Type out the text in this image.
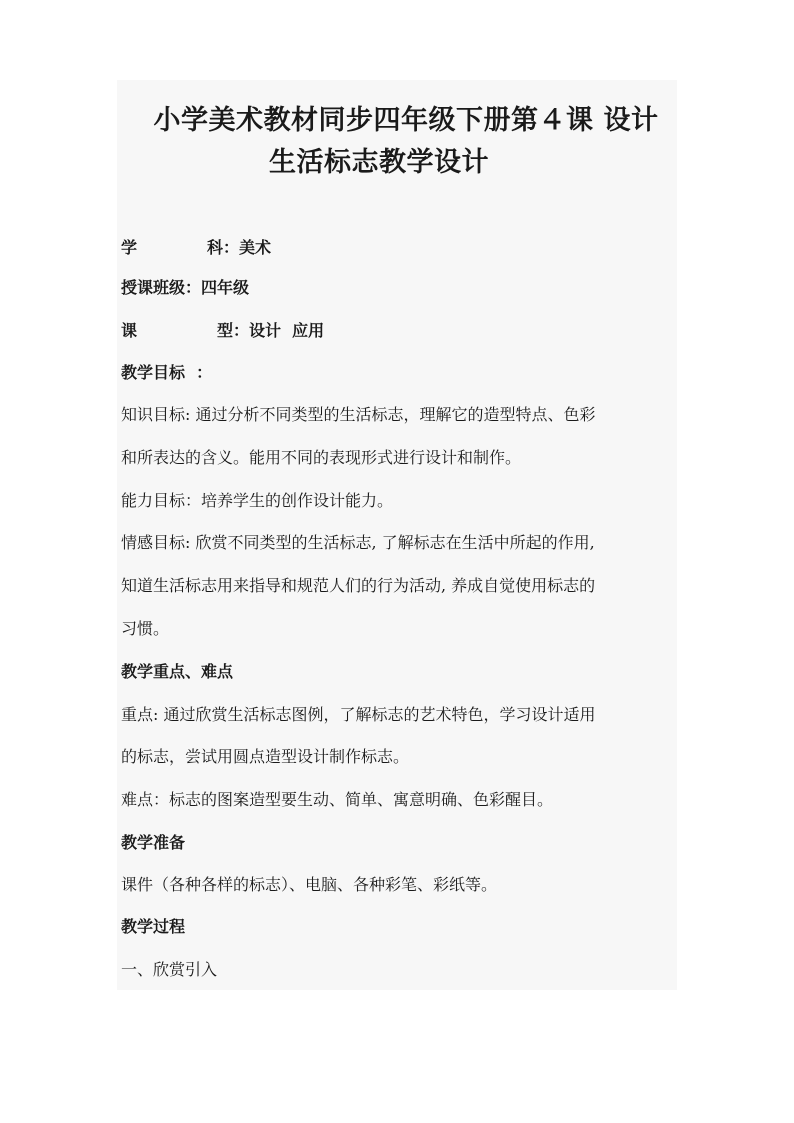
小学美术教材同步四年级下册第４课 设计
生活标志教学设计
学	科：美术
授课班级：四年级
课	型：设计  应用
教学目标  ：
知识目标: 通过分析不同类型的生活标志，理解它的造型特点、色彩
和所表达的含义。能用不同的表现形式进行设计和制作。
能力目标：培养学生的创作设计能力。
情感目标: 欣赏不同类型的生活标志, 了解标志在生活中所起的作用,
知道生活标志用来指导和规范人们的行为活动, 养成自觉使用标志的
习惯。
教学重点、难点
重点: 通过欣赏生活标志图例，了解标志的艺术特色，学习设计适用
的标志，尝试用圆点造型设计制作标志。
难点：标志的图案造型要生动、简单、寓意明确、色彩醒目。
教学准备
课件（各种各样的标志）、电脑、各种彩笔、彩纸等。
教学过程
一、欣赏引入
